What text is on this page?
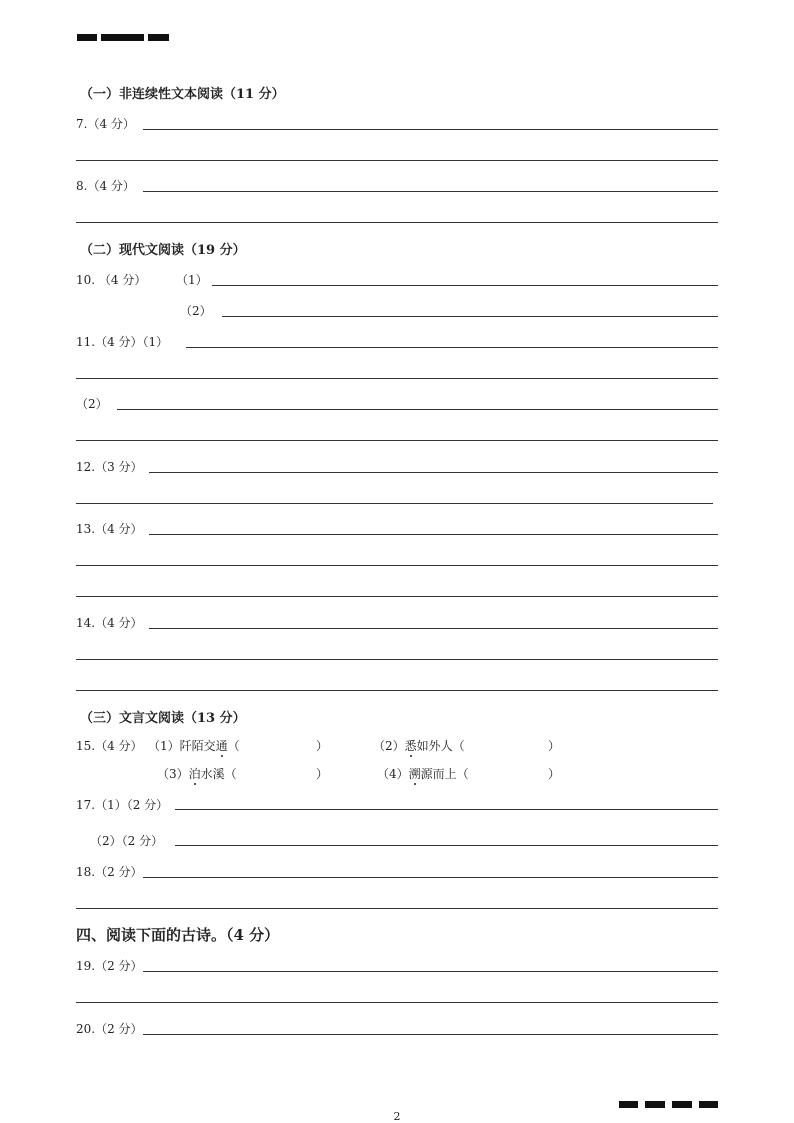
（一）非连续性文本阅读（11 分）
7.（4 分）
8.（4 分）
（二）现代文阅读（19 分）
10. （4 分） （1）
（2）
11.（4 分）（1）
（2）
12.（3 分）
13.（4 分）
14.（4 分）
（三）文言文阅读（13 分）
15.（4 分） （1）阡陌交通（	）	（2）悉如外人（	）
（3）泊水溪（	）	（4）溯源而上（	）
17.（1）（2 分）
（2）（2 分）
18.（2 分）
四、阅读下面的古诗。（4 分）
19.（2 分）
20.（2 分）
2
